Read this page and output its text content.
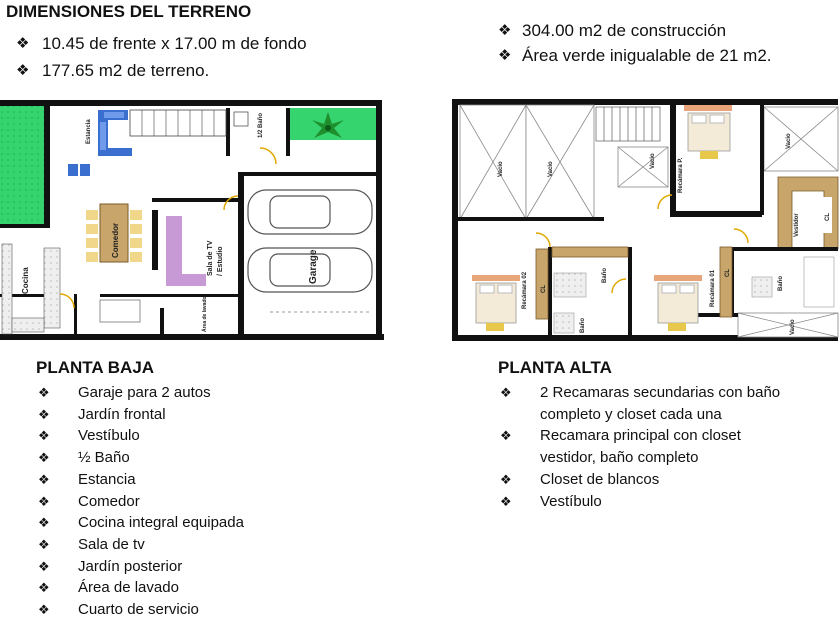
DIMENSIONES DEL TERRENO
❖ 10.45 de frente x 17.00 m de fondo
❖ 177.65 m2 de terreno.
❖ 304.00 m2 de construcción
❖ Área verde inigualable de 21 m2.
Estancia
Comedor
Cocina
Sala de TV / Estudio
1/2 Baño
Garage
Área de lavado
Vacio	Vacio
Vacio
Vacio
Vacio
Recámara P.
Vestidor	CL
CL
CL
Baño
Baño
Baño
Recámara 02	Recámara 01
PLANTA BAJA
❖	Garaje para 2 autos
❖	Jardín frontal
❖	Vestíbulo
❖	½ Baño
❖	Estancia
❖	Comedor
❖	Cocina integral equipada
❖	Sala de tv
❖	Jardín posterior
❖	Área de lavado
❖	Cuarto de servicio
PLANTA ALTA
❖	2 Recamaras secundarias con baño
completo y closet cada una
❖	Recamara principal con closet
vestidor, baño completo
❖	Closet de blancos
❖	Vestíbulo
